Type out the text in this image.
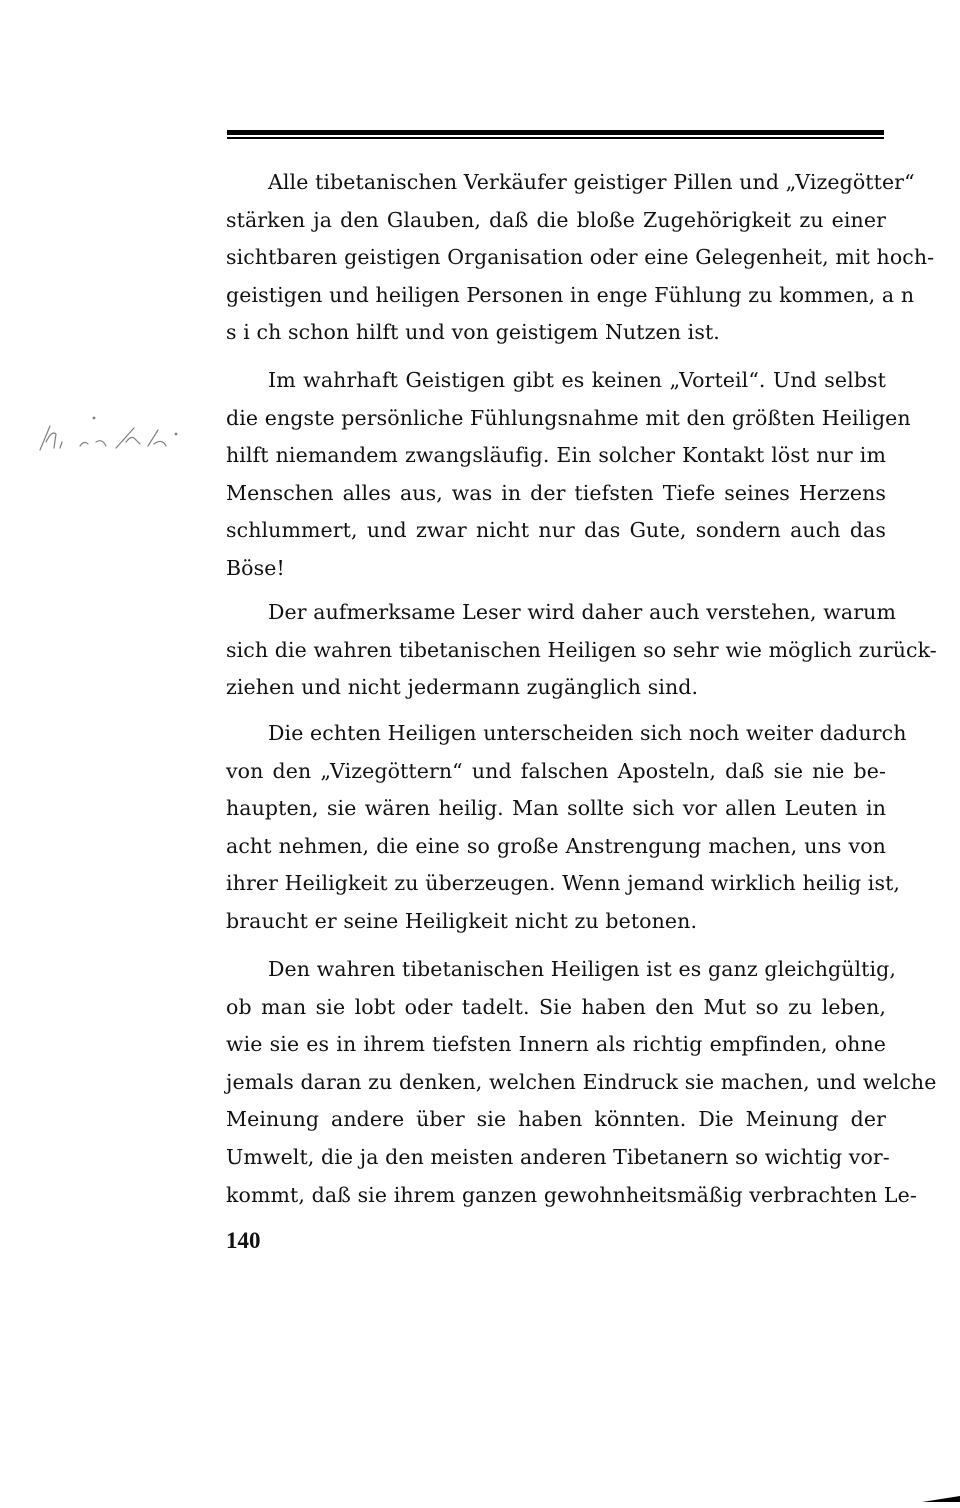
Alle tibetanischen Verkäufer geistiger Pillen und „Vizegötter“
stärken ja den Glauben, daß die bloße Zugehörigkeit zu einer
sichtbaren geistigen Organisation oder eine Gelegenheit, mit hoch-
geistigen und heiligen Personen in enge Fühlung zu kommen, a n
s i ch schon hilft und von geistigem Nutzen ist.
Im wahrhaft Geistigen gibt es keinen „Vorteil“. Und selbst
die engste persönliche Fühlungsnahme mit den größten Heiligen
hilft niemandem zwangsläufig. Ein solcher Kontakt löst nur im
Menschen alles aus, was in der tiefsten Tiefe seines Herzens
schlummert, und zwar nicht nur das Gute, sondern auch das
Böse!
Der aufmerksame Leser wird daher auch verstehen, warum
sich die wahren tibetanischen Heiligen so sehr wie möglich zurück-
ziehen und nicht jedermann zugänglich sind.
Die echten Heiligen unterscheiden sich noch weiter dadurch
von den „Vizegöttern“ und falschen Aposteln, daß sie nie be-
haupten, sie wären heilig. Man sollte sich vor allen Leuten in
acht nehmen, die eine so große Anstrengung machen, uns von
ihrer Heiligkeit zu überzeugen. Wenn jemand wirklich heilig ist,
braucht er seine Heiligkeit nicht zu betonen.
Den wahren tibetanischen Heiligen ist es ganz gleichgültig,
ob man sie lobt oder tadelt. Sie haben den Mut so zu leben,
wie sie es in ihrem tiefsten Innern als richtig empfinden, ohne
jemals daran zu denken, welchen Eindruck sie machen, und welche
Meinung andere über sie haben könnten. Die Meinung der
Umwelt, die ja den meisten anderen Tibetanern so wichtig vor-
kommt, daß sie ihrem ganzen gewohnheitsmäßig verbrachten Le-
140
